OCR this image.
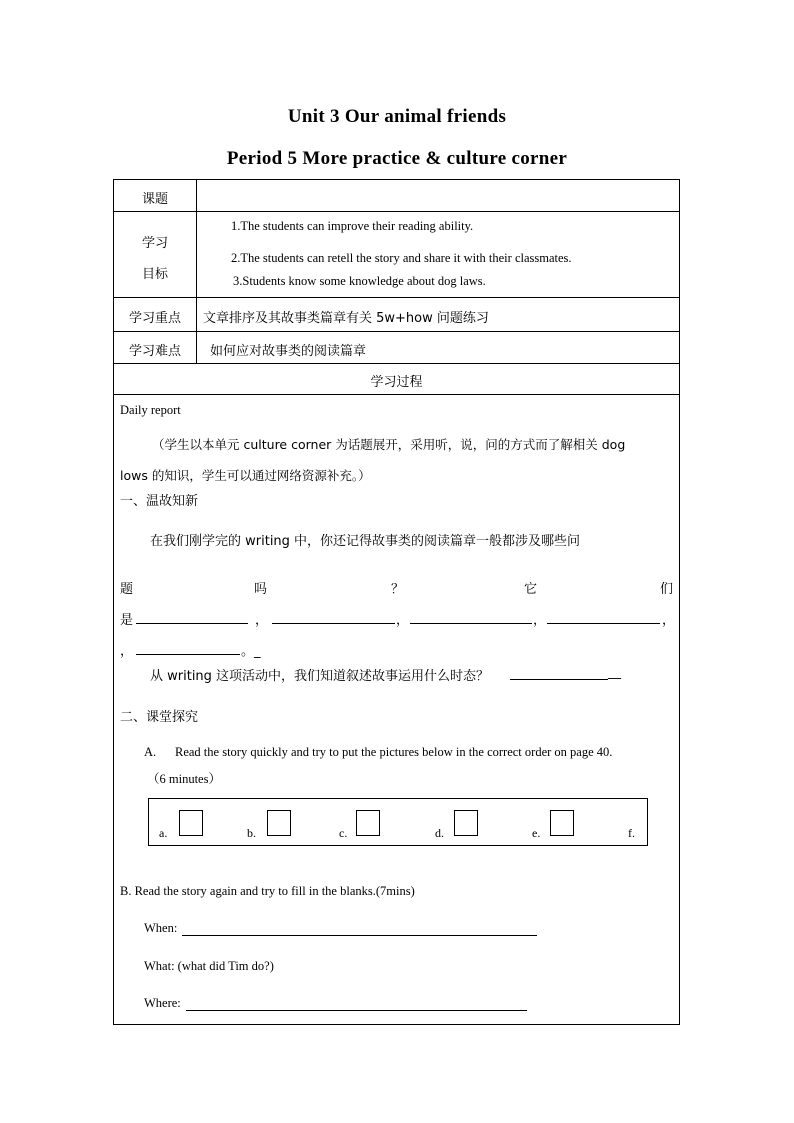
Unit 3 Our animal friends
Period 5 More practice & culture corner
课题
学习
目标
1.The students can improve their reading ability.
2.The students can retell the story and share it with their classmates.
3.Students know some knowledge about dog laws.
学习重点	文章排序及其故事类篇章有关 5w+how 问题练习
学习难点	如何应对故事类的阅读篇章
学习过程
Daily report
（学生以本单元 culture corner 为话题展开，采用听，说，问的方式而了解相关 dog
lows 的知识，学生可以通过网络资源补充。）
一、温故知新
在我们刚学完的 writing 中，你还记得故事类的阅读篇章一般都涉及哪些问
题	吗	？	它	们
是	，	，	，	，
，	。_
从 writing 这项活动中，我们知道叙述故事运用什么时态？	__
二、课堂探究
A. Read the story quickly and try to put the pictures below in the correct order on page 40.
（6 minutes）
a.	b.	c.	d.	e.	f.
B. Read the story again and try to fill in the blanks.(7mins)
When:
What: (what did Tim do?)
Where:
